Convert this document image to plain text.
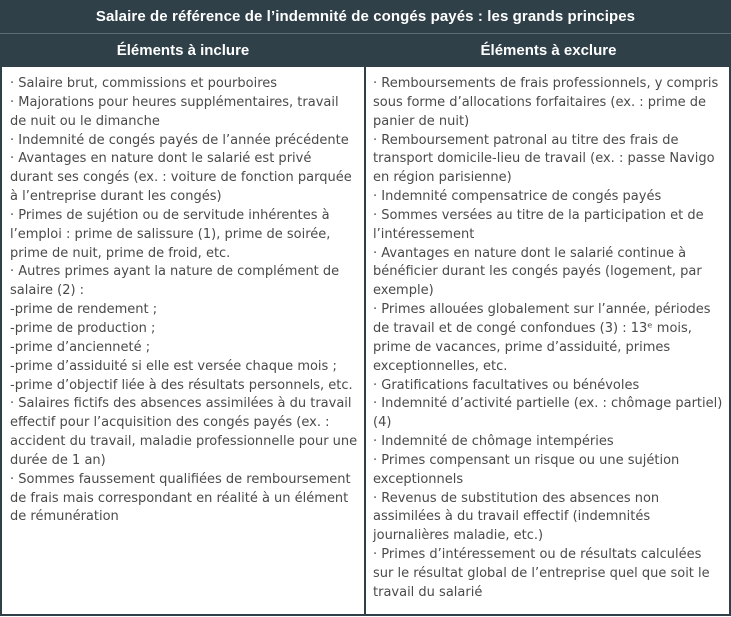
Salaire de référence de l’indemnité de congés payés : les grands principes
Éléments à inclure	Éléments à exclure
· Salaire brut, commissions et pourboires
· Majorations pour heures supplémentaires, travail de nuit ou le dimanche
· Indemnité de congés payés de l’année précédente
· Avantages en nature dont le salarié est privé durant ses congés (ex. : voiture de fonction parquée à l’entreprise durant les congés)
· Primes de sujétion ou de servitude inhérentes à l’emploi : prime de salissure (1), prime de soirée, prime de nuit, prime de froid, etc.
· Autres primes ayant la nature de complément de salaire (2) :
-prime de rendement ;
-prime de production ;
-prime d’ancienneté ;
-prime d’assiduité si elle est versée chaque mois ;
-prime d’objectif liée à des résultats personnels, etc.
· Salaires fictifs des absences assimilées à du travail effectif pour l’acquisition des congés payés (ex. : accident du travail, maladie professionnelle pour une durée de 1 an)
· Sommes faussement qualifiées de remboursement de frais mais correspondant en réalité à un élément de rémunération
· Remboursements de frais professionnels, y compris sous forme d’allocations forfaitaires (ex. : prime de panier de nuit)
· Remboursement patronal au titre des frais de transport domicile-lieu de travail (ex. : passe Navigo en région parisienne)
· Indemnité compensatrice de congés payés
· Sommes versées au titre de la participation et de l’intéressement
· Avantages en nature dont le salarié continue à bénéficier durant les congés payés (logement, par exemple)
· Primes allouées globalement sur l’année, périodes de travail et de congé confondues (3) : 13ᵉ mois, prime de vacances, prime d’assiduité, primes exceptionnelles, etc.
· Gratifications facultatives ou bénévoles
· Indemnité d’activité partielle (ex. : chômage partiel) (4)
· Indemnité de chômage intempéries
· Primes compensant un risque ou une sujétion exceptionnels
· Revenus de substitution des absences non assimilées à du travail effectif (indemnités journalières maladie, etc.)
· Primes d’intéressement ou de résultats calculées sur le résultat global de l’entreprise quel que soit le travail du salarié
